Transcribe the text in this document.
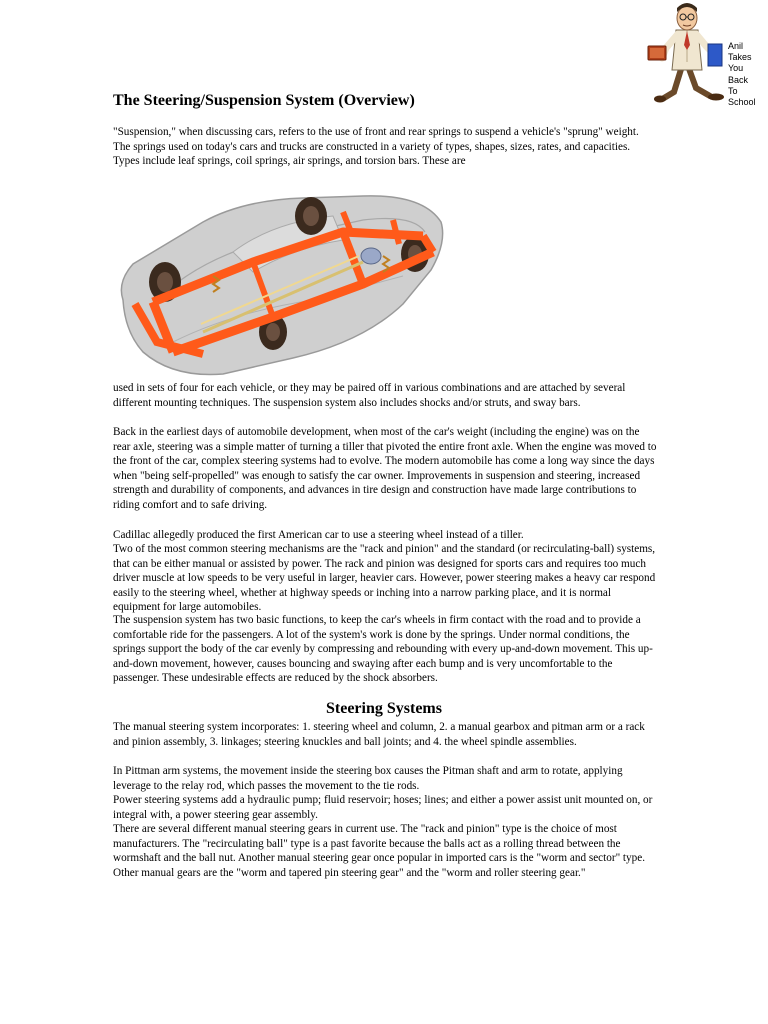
Anil
Takes
You
Back
To
School
The Steering/Suspension System (Overview)

"Suspension," when discussing cars, refers to the use of front and rear springs to suspend a vehicle's "sprung" weight. The springs used on today's cars and trucks are constructed in a variety of types, shapes, sizes, rates, and capacities. Types include leaf springs, coil springs, air springs, and torsion bars. These are

used in sets of four for each vehicle, or they may be paired off in various combinations and are attached by several different mounting techniques. The suspension system also includes shocks and/or struts, and sway bars.

Back in the earliest days of automobile development, when most of the car's weight (including the engine) was on the rear axle, steering was a simple matter of turning a tiller that pivoted the entire front axle. When the engine was moved to the front of the car, complex steering systems had to evolve. The modern automobile has come a long way since the days when "being self-propelled" was enough to satisfy the car owner. Improvements in suspension and steering, increased strength and durability of components, and advances in tire design and construction have made large contributions to riding comfort and to safe driving.

Cadillac allegedly produced the first American car to use a steering wheel instead of a tiller.

Two of the most common steering mechanisms are the "rack and pinion" and the standard (or recirculating-ball) systems, that can be either manual or assisted by power. The rack and pinion was designed for sports cars and requires too much driver muscle at low speeds to be very useful in larger, heavier cars. However, power steering makes a heavy car respond easily to the steering wheel, whether at highway speeds or inching into a narrow parking place, and it is normal equipment for large automobiles.

The suspension system has two basic functions, to keep the car's wheels in firm contact with the road and to provide a comfortable ride for the passengers. A lot of the system's work is done by the springs. Under normal conditions, the springs support the body of the car evenly by compressing and rebounding with every up-and-down movement. This up-and-down movement, however, causes bouncing and swaying after each bump and is very uncomfortable to the passenger. These undesirable effects are reduced by the shock absorbers.

Steering Systems

The manual steering system incorporates: 1. steering wheel and column, 2. a manual gearbox and pitman arm or a rack and pinion assembly, 3. linkages; steering knuckles and ball joints; and 4. the wheel spindle assemblies.

In Pittman arm systems, the movement inside the steering box causes the Pitman shaft and arm to rotate, applying leverage to the relay rod, which passes the movement to the tie rods.

Power steering systems add a hydraulic pump; fluid reservoir; hoses; lines; and either a power assist unit mounted on, or integral with, a power steering gear assembly.

There are several different manual steering gears in current use. The "rack and pinion" type is the choice of most manufacturers. The "recirculating ball" type is a past favorite because the balls act as a rolling thread between the wormshaft and the ball nut. Another manual steering gear once popular in imported cars is the "worm and sector" type. Other manual gears are the "worm and tapered pin steering gear" and the "worm and roller steering gear."
